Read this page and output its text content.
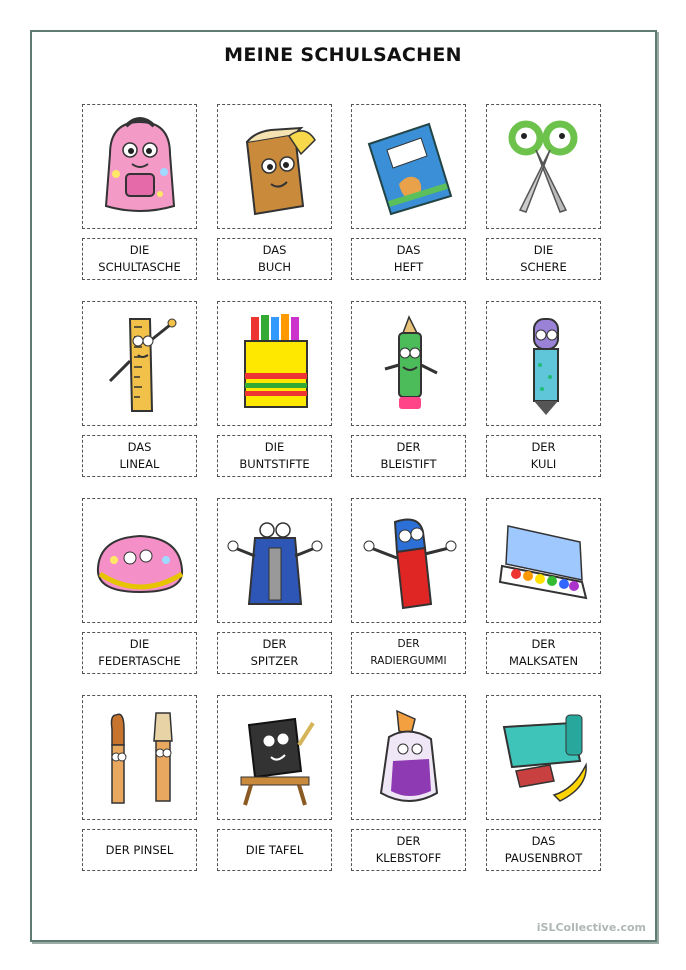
MEINE SCHULSACHEN
DIE
SCHULTASCHE
DAS
BUCH
DAS
HEFT
DIE
SCHERE
DAS
LINEAL
DIE
BUNTSTIFTE
DER
BLEISTIFT
DER
KULI
DIE
FEDERTASCHE
DER
SPITZER
DER
RADIERGUMMI
DER
MALKSATEN
DER PINSEL	DIE TAFEL
DER
KLEBSTOFF
DAS
PAUSENBROT
iSLCollective.com
